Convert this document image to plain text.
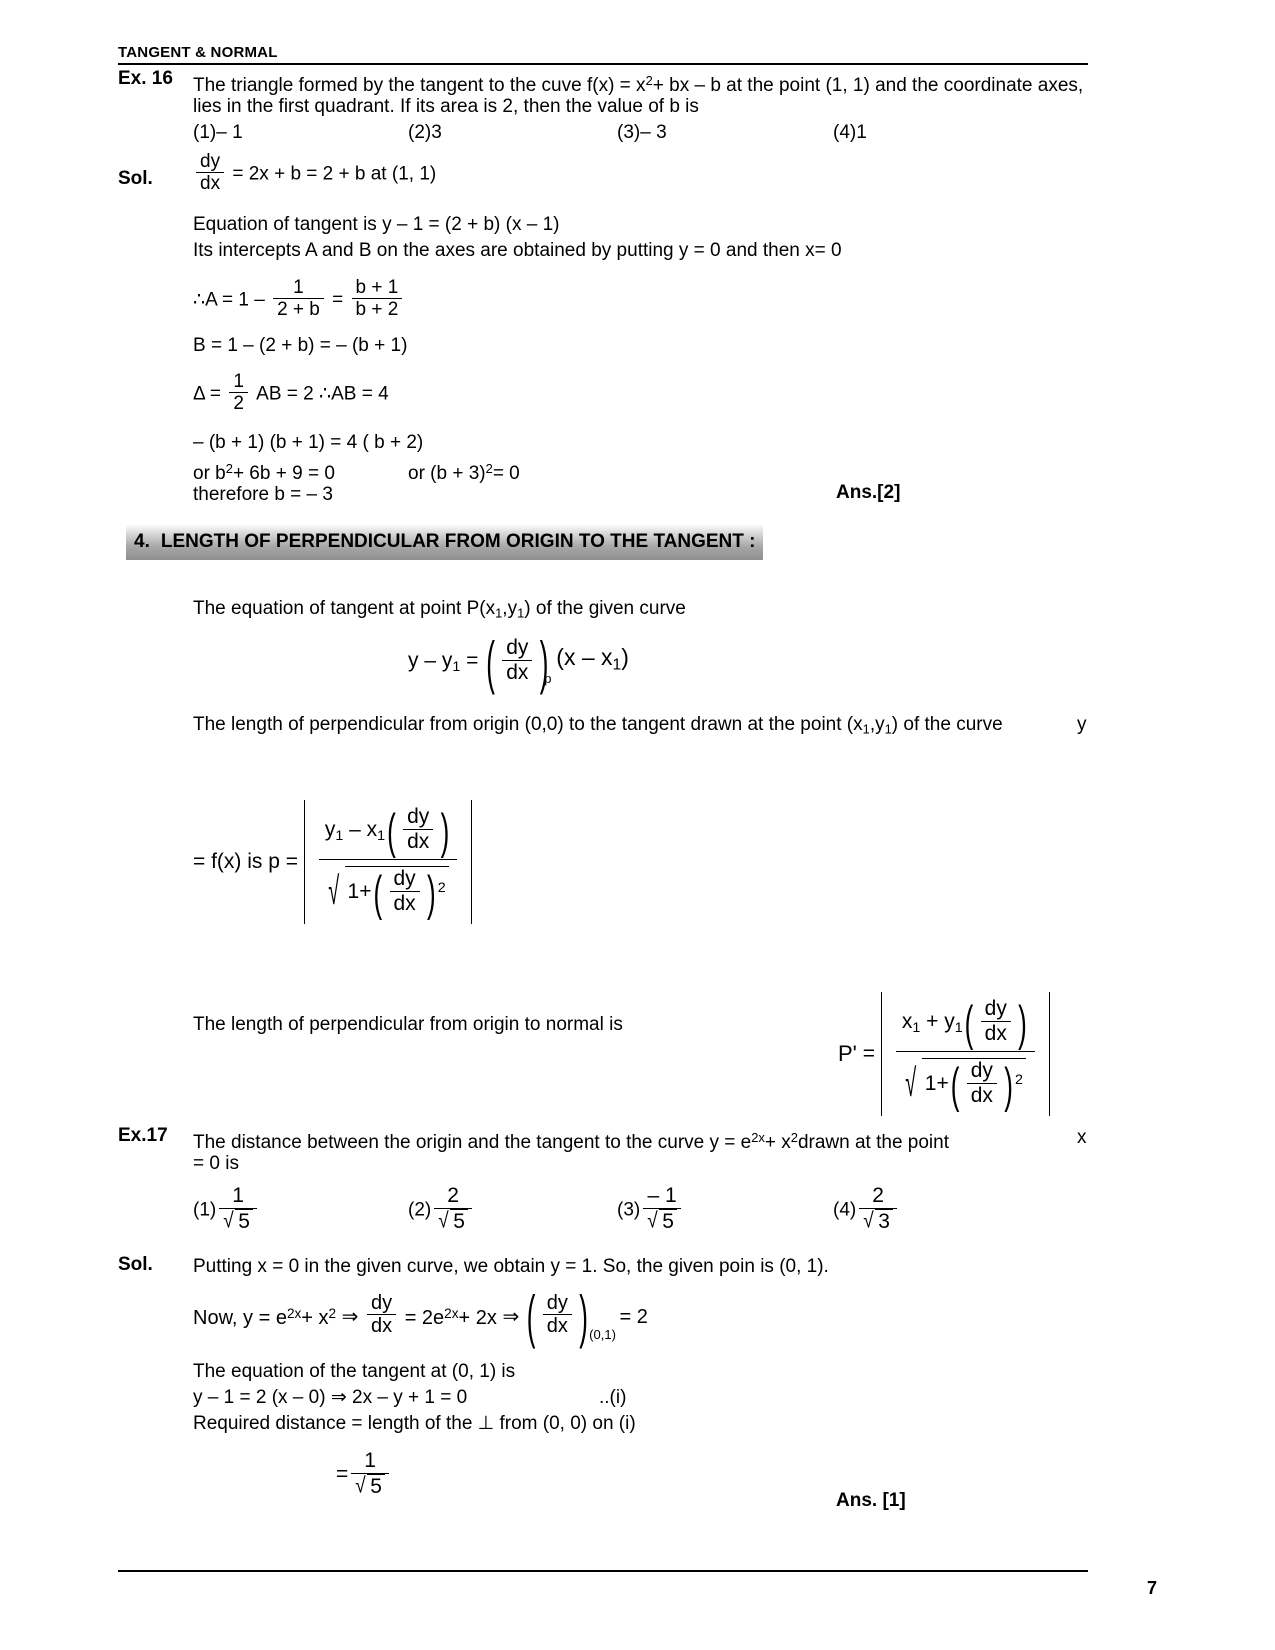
TANGENT & NORMAL
Ex. 16 The triangle formed by the tangent to the cuve $f(x) = x^2+$ bx – b at the point (1, 1) and the coordinate axes,
lies in the first quadrant. If its area is 2, then the value of b is
(1)– 1	(2)3	(3)– 3	(4)1
Sol. $\frac{dy}{dx} = 2x + b = 2 + b$ at (1, 1)
Equation of tangent is y – 1 = (2 + b) (x – 1)
Its intercepts A and B on the axes are obtained by putting y = 0 and then x= 0
∴A = $1 - \frac{1}{2 + b} = \frac{b + 1}{b + 2}$
B = 1 – (2 + b) = – (b + 1)
$\Delta = \frac{1}{2}$ AB = 2 ∴AB = 4
– (b + 1) (b + 1) = 4 ( b + 2)
or $b^2+ 6b + 9 = 0$	or $(b + 3)^2= 0$
therefore b = – 3	Ans.[2]
4. LENGTH OF PERPENDICULAR FROM ORIGIN TO THE TANGENT :
The equation of tangent at point $P(x_1,y_1)$ of the given curve
y – $y_1$ = ( $\frac{dy}{dx}$ p
) $(x - x_1)$
The length of perpendicular from origin (0,0) to the tangent drawn at the point $(x_1,y_1)$ of the curve	y
= f(x) is p =
$y_1 - x_1$ ( $\frac{dy}{dx}$
)
√ 1+ ( $\frac{dy}{dx}$
) $^2$
The length of perpendicular from origin to normal is
P' =
$x_1 + y_1$ ( $\frac{dy}{dx}$
)
√ 1+ ( $\frac{dy}{dx}$
) $^2$
Ex.17 The distance between the origin and the tangent to the curve $y = e^{2x}+$ $x^2drawn$ at the point	x
= 0 is
(1) 1
√ 5	(2) 2
√ 5	(3) – 1
√ 5	(4) 2
√ 3
Sol. Putting x = 0 in the given curve, we obtain y = 1. So, the given poin is (0, 1).
Now, $y = e^{2x}+ x^2$ ⇒ $\frac{dy}{dx} = 2e^{2x}+ 2x$ ⇒ ( $\frac{dy}{dx} (0,1)$
) = 2
The equation of the tangent at (0, 1) is
y – 1 = 2 (x – 0) ⇒ 2x – y + 1 = 0	..(i)
Required distance = length of the ⊥ from (0, 0) on (i)
= 1
√ 5
Ans. [1]
7
